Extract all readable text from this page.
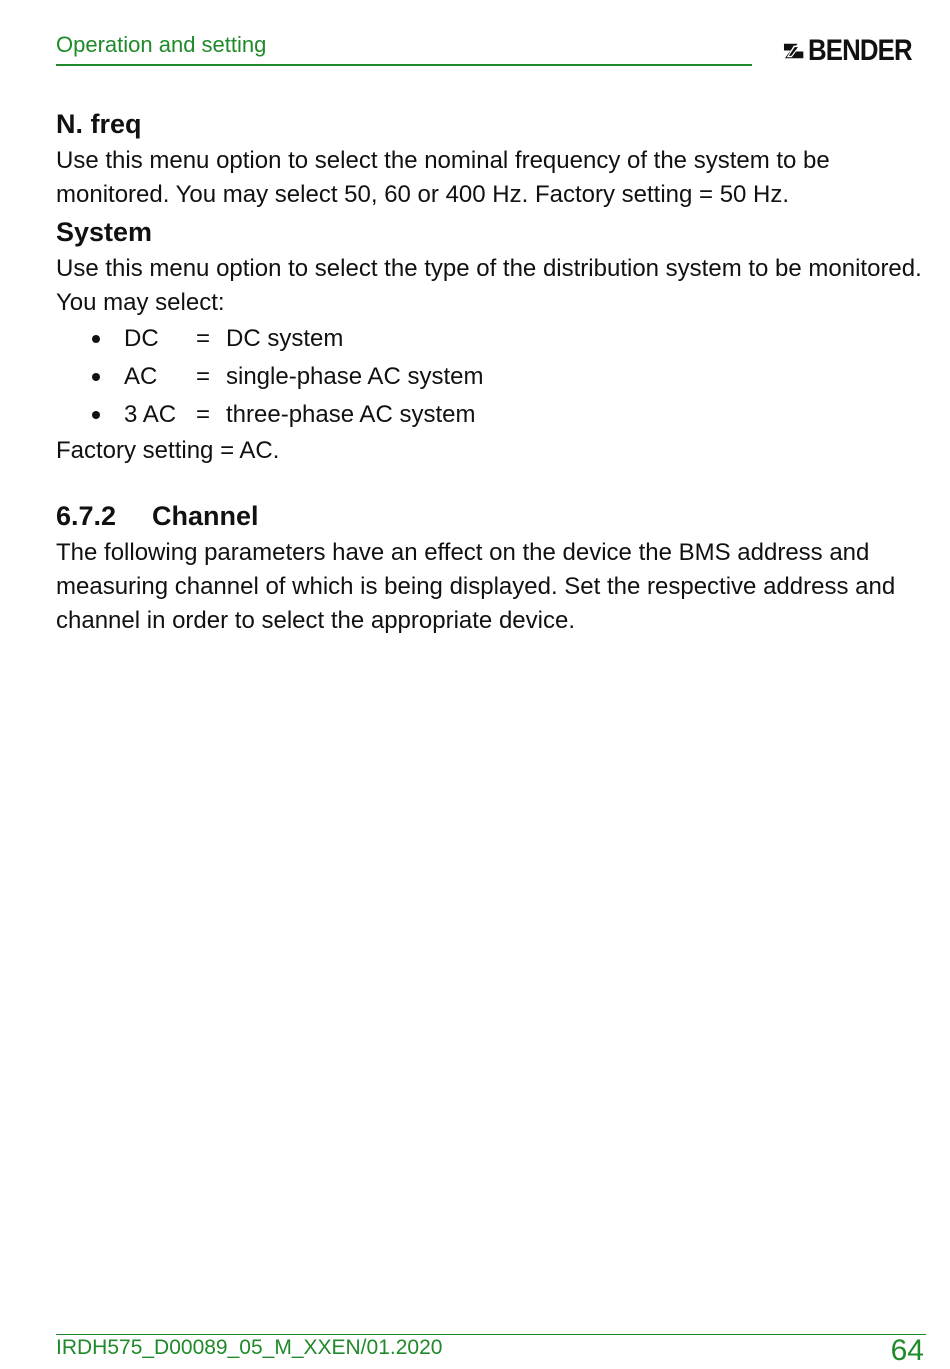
Operation and setting	BENDER
N. freq

Use this menu option to select the nominal frequency of the system to be monitored. You may select 50, 60 or 400 Hz. Factory setting = 50 Hz.

System

Use this menu option to select the type of the distribution system to be monitored.

You may select:

DC	= DC system
AC	= single-phase AC system
3 AC = three-phase AC system

Factory setting = AC.

6.7.2	Channel

The following parameters have an effect on the device the BMS address and measuring channel of which is being displayed. Set the respective address and channel in order to select the appropriate device.

IRDH575_D00089_05_M_XXEN/01.2020	64
